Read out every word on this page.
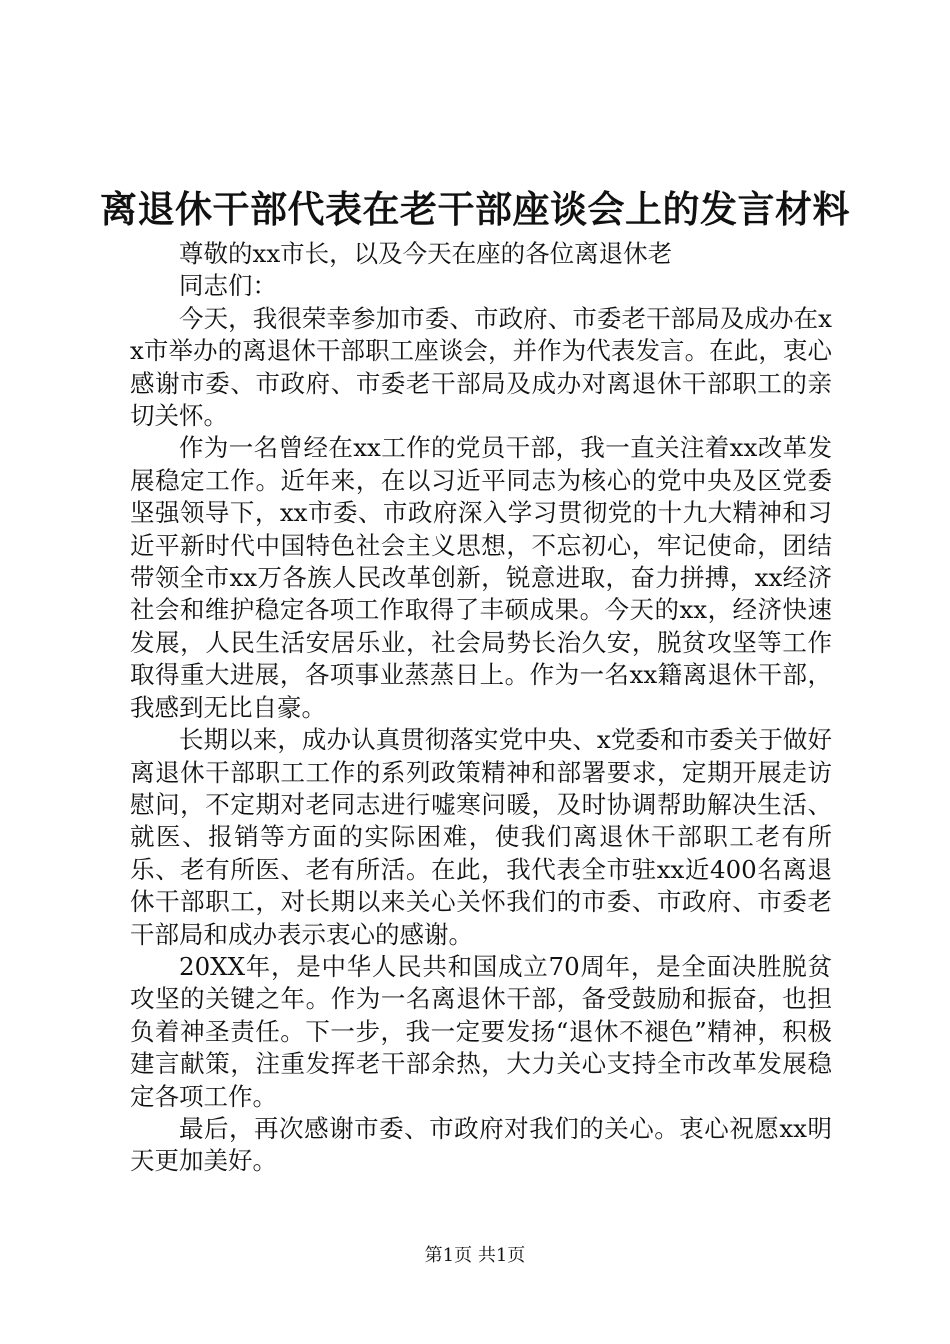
离退休干部代表在老干部座谈会上的发言材料

尊敬的xx市长，以及今天在座的各位离退休老

同志们：

今天，我很荣幸参加市委、市政府、市委老干部局及成办在xx市举办的离退休干部职工座谈会，并作为代表发言。在此，衷心感谢市委、市政府、市委老干部局及成办对离退休干部职工的亲切关怀。

作为一名曾经在xx工作的党员干部，我一直关注着xx改革发展稳定工作。近年来，在以习近平同志为核心的党中央及区党委坚强领导下，xx市委、市政府深入学习贯彻党的十九大精神和习近平新时代中国特色社会主义思想，不忘初心，牢记使命，团结带领全市xx万各族人民改革创新，锐意进取，奋力拼搏，xx经济社会和维护稳定各项工作取得了丰硕成果。今天的xx，经济快速发展，人民生活安居乐业，社会局势长治久安，脱贫攻坚等工作取得重大进展，各项事业蒸蒸日上。作为一名xx籍离退休干部，我感到无比自豪。

长期以来，成办认真贯彻落实党中央、x党委和市委关于做好离退休干部职工工作的系列政策精神和部署要求，定期开展走访慰问，不定期对老同志进行嘘寒问暖，及时协调帮助解决生活、就医、报销等方面的实际困难，使我们离退休干部职工老有所乐、老有所医、老有所活。在此，我代表全市驻xx近400名离退休干部职工，对长期以来关心关怀我们的市委、市政府、市委老干部局和成办表示衷心的感谢。

20XX年，是中华人民共和国成立70周年，是全面决胜脱贫攻坚的关键之年。作为一名离退休干部，备受鼓励和振奋，也担负着神圣责任。下一步，我一定要发扬“退休不褪色”精神，积极建言献策，注重发挥老干部余热，大力关心支持全市改革发展稳定各项工作。

最后，再次感谢市委、市政府对我们的关心。衷心祝愿xx明天更加美好。

第1页 共1页
